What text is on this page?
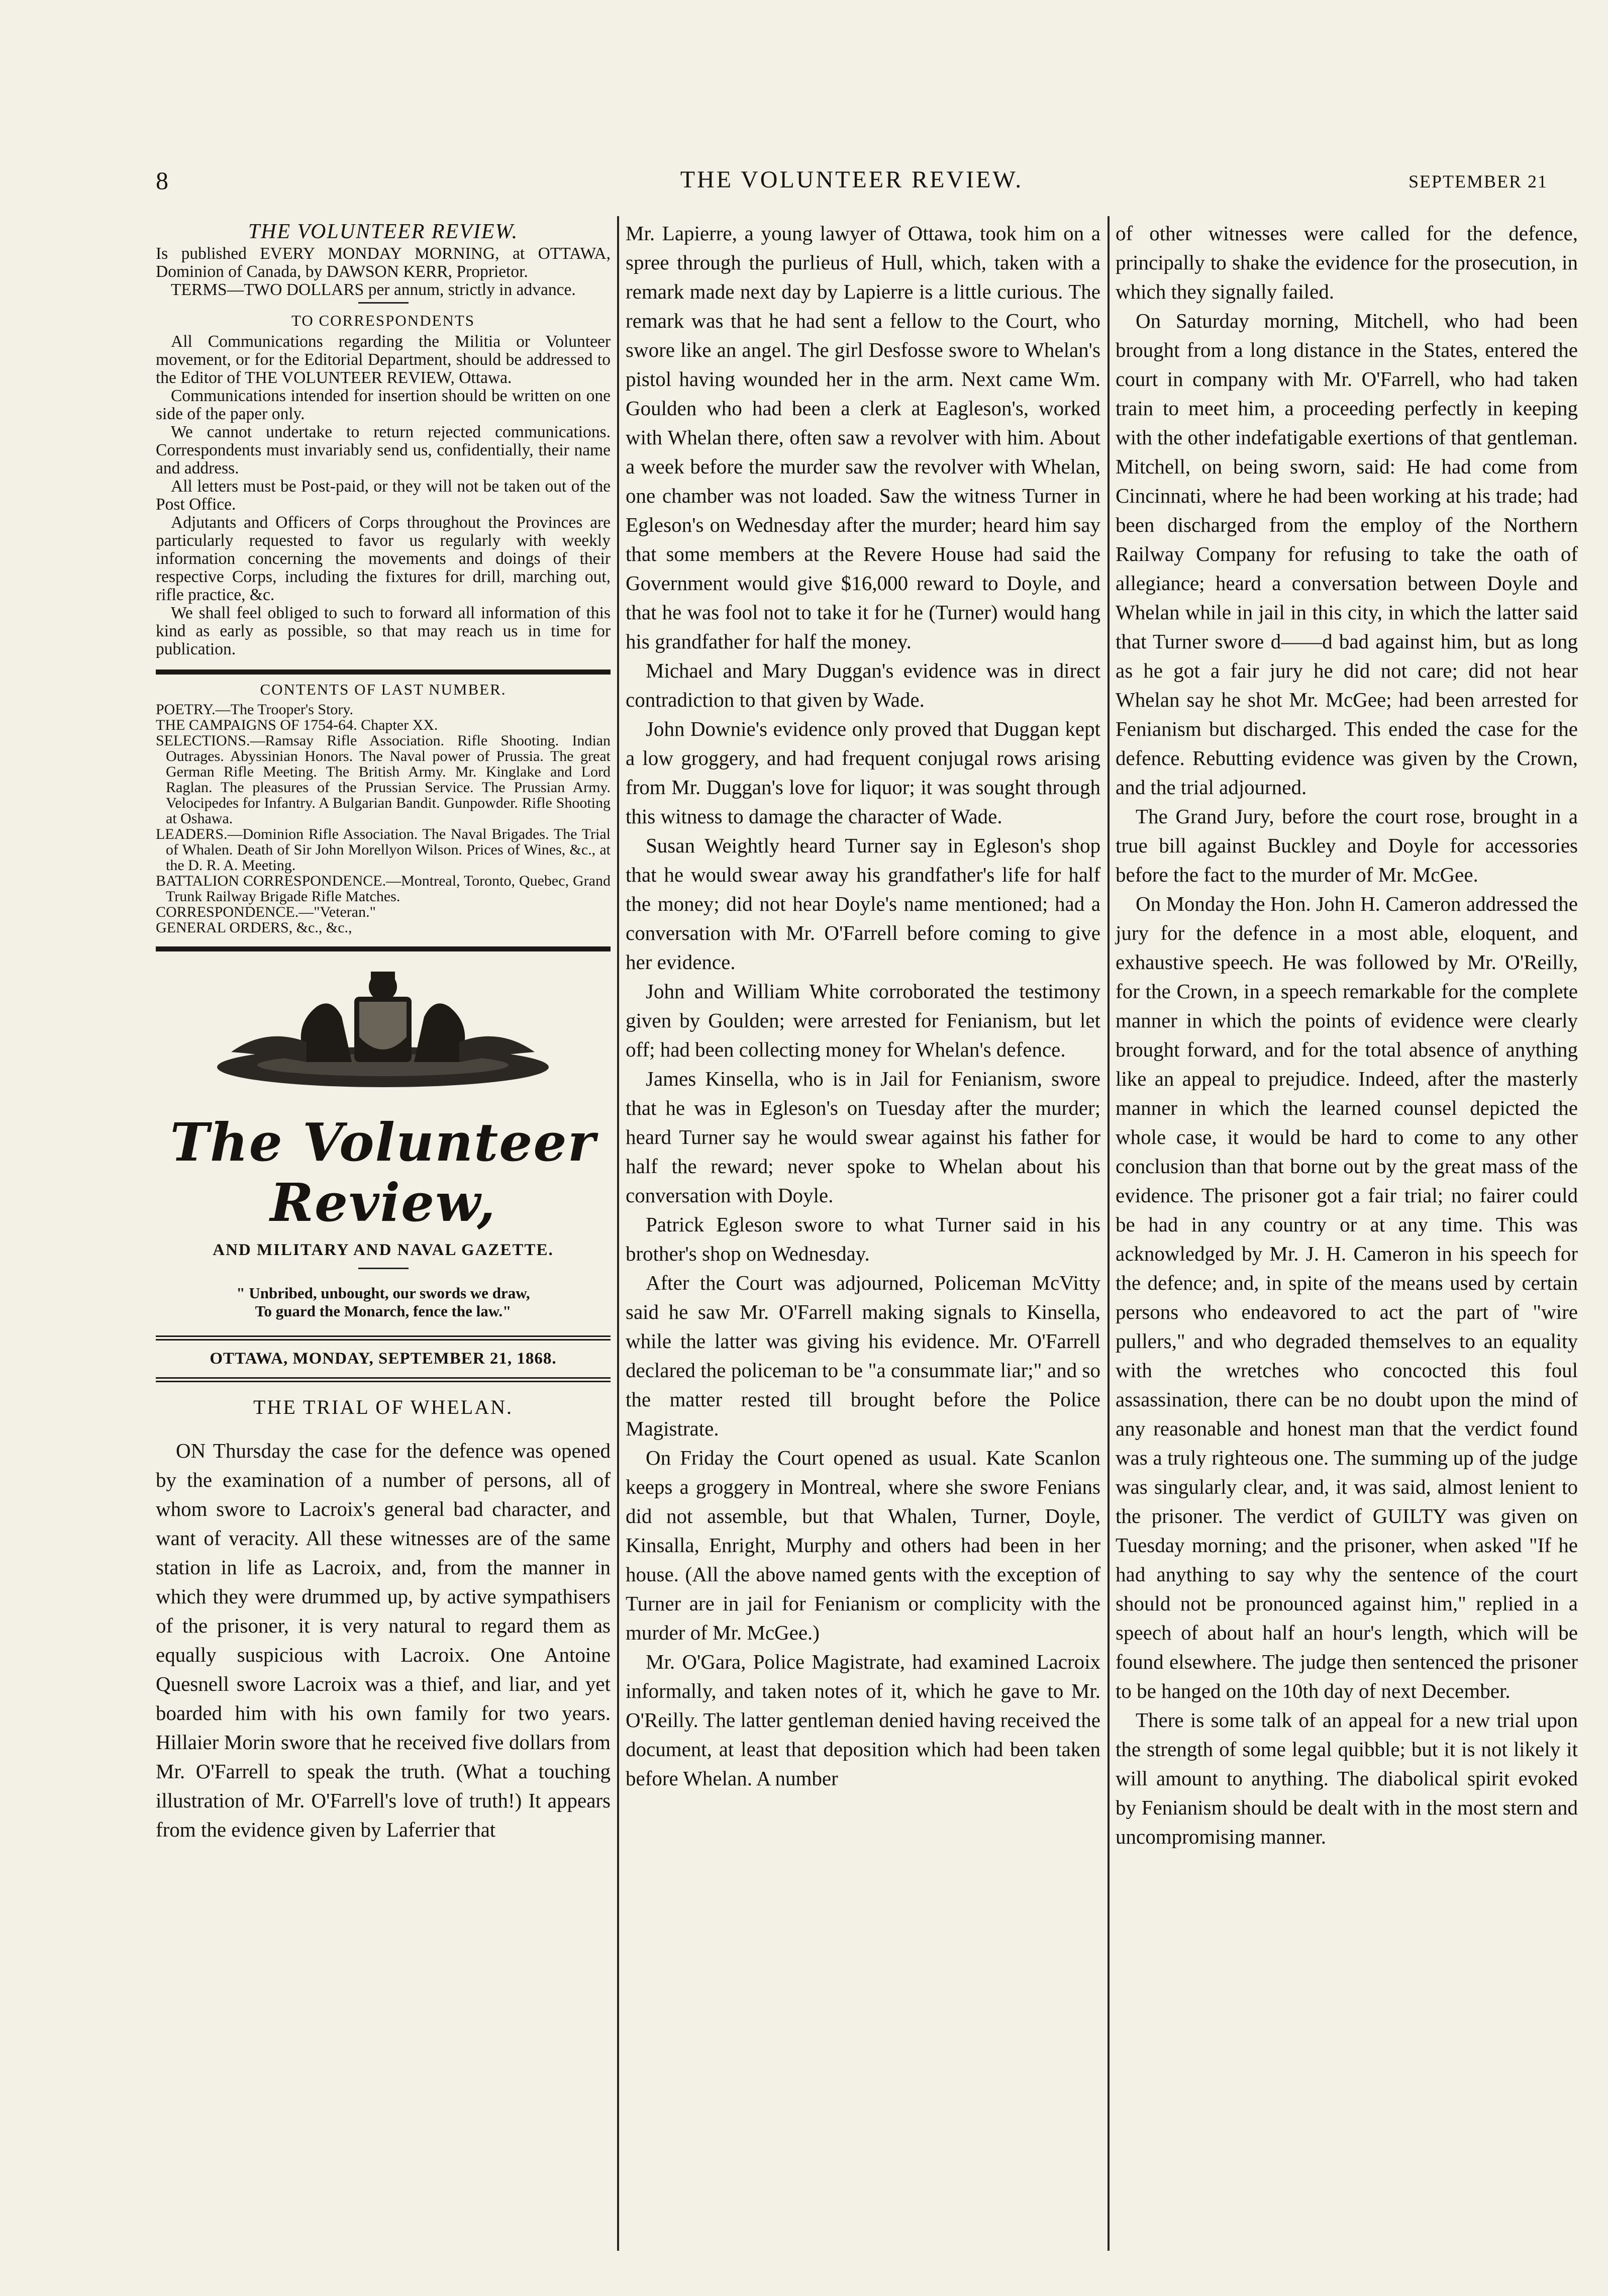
8	THE VOLUNTEER REVIEW.	SEPTEMBER 21
THE VOLUNTEER REVIEW.

Is published EVERY MONDAY MORNING, at OTTAWA, Dominion of Canada, by DAWSON KERR, Proprietor.

TERMS—TWO DOLLARS per annum, strictly in advance.

TO CORRESPONDENTS

All Communications regarding the Militia or Volunteer movement, or for the Editorial Department, should be addressed to the Editor of THE VOLUNTEER REVIEW, Ottawa.

Communications intended for insertion should be written on one side of the paper only.

We cannot undertake to return rejected communications. Correspondents must invariably send us, confidentially, their name and address.

All letters must be Post-paid, or they will not be taken out of the Post Office.

Adjutants and Officers of Corps throughout the Provinces are particularly requested to favor us regularly with weekly information concerning the movements and doings of their respective Corps, including the fixtures for drill, marching out, rifle practice, &c.

We shall feel obliged to such to forward all information of this kind as early as possible, so that may reach us in time for publication.

CONTENTS OF LAST NUMBER.

POETRY.—The Trooper's Story.

THE CAMPAIGNS OF 1754-64. Chapter XX.

SELECTIONS.—Ramsay Rifle Association. Rifle Shooting. Indian Outrages. Abyssinian Honors. The Naval power of Prussia. The great German Rifle Meeting. The British Army. Mr. Kinglake and Lord Raglan. The pleasures of the Prussian Service. The Prussian Army. Velocipedes for Infantry. A Bulgarian Bandit. Gunpowder. Rifle Shooting at Oshawa.

LEADERS.—Dominion Rifle Association. The Naval Brigades. The Trial of Whalen. Death of Sir John Morellyon Wilson. Prices of Wines, &c., at the D. R. A. Meeting.

BATTALION CORRESPONDENCE.—Montreal, Toronto, Quebec, Grand Trunk Railway Brigade Rifle Matches.

CORRESPONDENCE.—"Veteran."

GENERAL ORDERS, &c., &c.,

The Volunteer Review,
AND MILITARY AND NAVAL GAZETTE.
" Unbribed, unbought, our swords we draw,
To guard the Monarch, fence the law."
OTTAWA, MONDAY, SEPTEMBER 21, 1868.
THE TRIAL OF WHELAN.

ON Thursday the case for the defence was opened by the examination of a number of persons, all of whom swore to Lacroix's general bad character, and want of veracity. All these witnesses are of the same station in life as Lacroix, and, from the manner in which they were drummed up, by active sympathisers of the prisoner, it is very natural to regard them as equally suspicious with Lacroix. One Antoine Quesnell swore Lacroix was a thief, and liar, and yet boarded him with his own family for two years. Hillaier Morin swore that he received five dollars from Mr. O'Farrell to speak the truth. (What a touching illustration of Mr. O'Farrell's love of truth!) It appears from the evidence given by Laferrier that

Mr. Lapierre, a young lawyer of Ottawa, took him on a spree through the purlieus of Hull, which, taken with a remark made next day by Lapierre is a little curious. The remark was that he had sent a fellow to the Court, who swore like an angel. The girl Desfosse swore to Whelan's pistol having wounded her in the arm. Next came Wm. Goulden who had been a clerk at Eagleson's, worked with Whelan there, often saw a revolver with him. About a week before the murder saw the revolver with Whelan, one chamber was not loaded. Saw the witness Turner in Egleson's on Wednesday after the murder; heard him say that some members at the Revere House had said the Government would give $16,000 reward to Doyle, and that he was fool not to take it for he (Turner) would hang his grandfather for half the money.

Michael and Mary Duggan's evidence was in direct contradiction to that given by Wade.

John Downie's evidence only proved that Duggan kept a low groggery, and had frequent conjugal rows arising from Mr. Duggan's love for liquor; it was sought through this witness to damage the character of Wade.

Susan Weightly heard Turner say in Egleson's shop that he would swear away his grandfather's life for half the money; did not hear Doyle's name mentioned; had a conversation with Mr. O'Farrell before coming to give her evidence.

John and William White corroborated the testimony given by Goulden; were arrested for Fenianism, but let off; had been collecting money for Whelan's defence.

James Kinsella, who is in Jail for Fenianism, swore that he was in Egleson's on Tuesday after the murder; heard Turner say he would swear against his father for half the reward; never spoke to Whelan about his conversation with Doyle.

Patrick Egleson swore to what Turner said in his brother's shop on Wednesday.

After the Court was adjourned, Policeman McVitty said he saw Mr. O'Farrell making signals to Kinsella, while the latter was giving his evidence. Mr. O'Farrell declared the policeman to be "a consummate liar;" and so the matter rested till brought before the Police Magistrate.

On Friday the Court opened as usual. Kate Scanlon keeps a groggery in Montreal, where she swore Fenians did not assemble, but that Whalen, Turner, Doyle, Kinsalla, Enright, Murphy and others had been in her house. (All the above named gents with the exception of Turner are in jail for Fenianism or complicity with the murder of Mr. McGee.)

Mr. O'Gara, Police Magistrate, had examined Lacroix informally, and taken notes of it, which he gave to Mr. O'Reilly. The latter gentleman denied having received the document, at least that deposition which had been taken before Whelan. A number

of other witnesses were called for the defence, principally to shake the evidence for the prosecution, in which they signally failed.

On Saturday morning, Mitchell, who had been brought from a long distance in the States, entered the court in company with Mr. O'Farrell, who had taken train to meet him, a proceeding perfectly in keeping with the other indefatigable exertions of that gentleman. Mitchell, on being sworn, said: He had come from Cincinnati, where he had been working at his trade; had been discharged from the employ of the Northern Railway Company for refusing to take the oath of allegiance; heard a conversation between Doyle and Whelan while in jail in this city, in which the latter said that Turner swore d——d bad against him, but as long as he got a fair jury he did not care; did not hear Whelan say he shot Mr. McGee; had been arrested for Fenianism but discharged. This ended the case for the defence. Rebutting evidence was given by the Crown, and the trial adjourned.

The Grand Jury, before the court rose, brought in a true bill against Buckley and Doyle for accessories before the fact to the murder of Mr. McGee.

On Monday the Hon. John H. Cameron addressed the jury for the defence in a most able, eloquent, and exhaustive speech. He was followed by Mr. O'Reilly, for the Crown, in a speech remarkable for the complete manner in which the points of evidence were clearly brought forward, and for the total absence of anything like an appeal to prejudice. Indeed, after the masterly manner in which the learned counsel depicted the whole case, it would be hard to come to any other conclusion than that borne out by the great mass of the evidence. The prisoner got a fair trial; no fairer could be had in any country or at any time. This was acknowledged by Mr. J. H. Cameron in his speech for the defence; and, in spite of the means used by certain persons who endeavored to act the part of "wire pullers," and who degraded themselves to an equality with the wretches who concocted this foul assassination, there can be no doubt upon the mind of any reasonable and honest man that the verdict found was a truly righteous one. The summing up of the judge was singularly clear, and, it was said, almost lenient to the prisoner. The verdict of GUILTY was given on Tuesday morning; and the prisoner, when asked "If he had anything to say why the sentence of the court should not be pronounced against him," replied in a speech of about half an hour's length, which will be found elsewhere. The judge then sentenced the prisoner to be hanged on the 10th day of next December.

There is some talk of an appeal for a new trial upon the strength of some legal quibble; but it is not likely it will amount to anything. The diabolical spirit evoked by Fenianism should be dealt with in the most stern and uncompromising manner.
